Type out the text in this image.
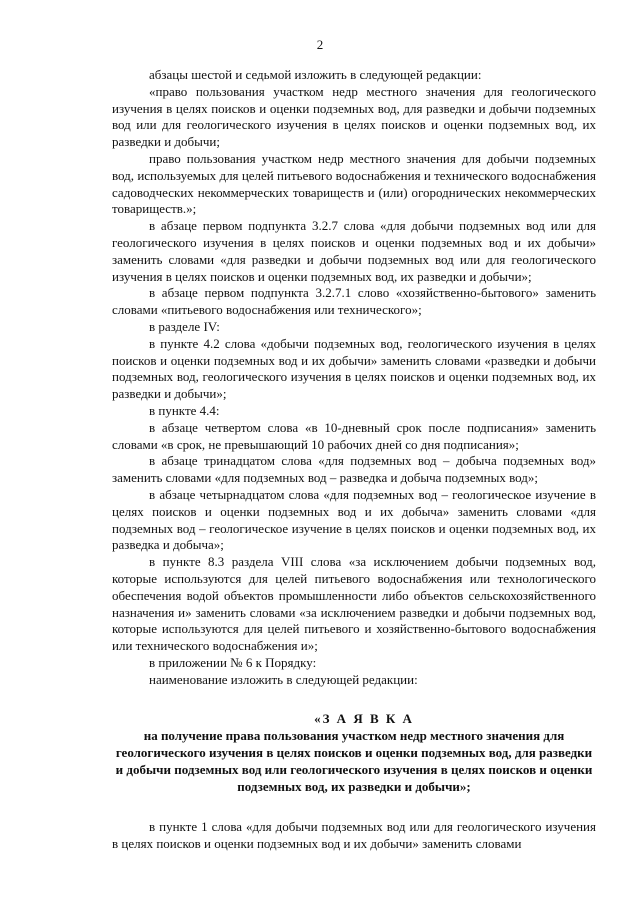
2

абзацы шестой и седьмой изложить в следующей редакции:

«право пользования участком недр местного значения для геологического изучения в целях поисков и оценки подземных вод, для разведки и добычи подземных вод или для геологического изучения в целях поисков и оценки подземных вод, их разведки и добычи;

право пользования участком недр местного значения для добычи подземных вод, используемых для целей питьевого водоснабжения и технического водоснабжения садоводческих некоммерческих товариществ и (или) огороднических некоммерческих товариществ.»;

в абзаце первом подпункта 3.2.7 слова «для добычи подземных вод или для геологического изучения в целях поисков и оценки подземных вод и их добычи» заменить словами «для разведки и добычи подземных вод или для геологического изучения в целях поисков и оценки подземных вод, их разведки и добычи»;

в абзаце первом подпункта 3.2.7.1 слово «хозяйственно-бытового» заменить словами «питьевого водоснабжения или технического»;

в разделе IV:

в пункте 4.2 слова «добычи подземных вод, геологического изучения в целях поисков и оценки подземных вод и их добычи» заменить словами «разведки и добычи подземных вод, геологического изучения в целях поисков и оценки подземных вод, их разведки и добычи»;

в пункте 4.4:

в абзаце четвертом слова «в 10-дневный срок после подписания» заменить словами «в срок, не превышающий 10 рабочих дней со дня подписания»;

в абзаце тринадцатом слова «для подземных вод – добыча подземных вод» заменить словами «для подземных вод – разведка и добыча подземных вод»;

в абзаце четырнадцатом слова «для подземных вод – геологическое изучение в целях поисков и оценки подземных вод и их добыча» заменить словами «для подземных вод – геологическое изучение в целях поисков и оценки подземных вод, их разведка и добыча»;

в пункте 8.3 раздела VIII слова «за исключением добычи подземных вод, которые используются для целей питьевого водоснабжения или технологического обеспечения водой объектов промышленности либо объектов сельскохозяйственного назначения и» заменить словами «за исключением разведки и добычи подземных вод, которые используются для целей питьевого и хозяйственно-бытового водоснабжения или технического водоснабжения и»;

в приложении № 6 к Порядку:

наименование изложить в следующей редакции:

«З А Я В К А
на получение права пользования участком недр местного значения для геологического изучения в целях поисков и оценки подземных вод, для разведки и добычи подземных вод или геологического изучения в целях поисков и оценки подземных вод, их разведки и добычи»;

в пункте 1 слова «для добычи подземных вод или для геологического изучения в целях поисков и оценки подземных вод и их добычи» заменить словами
